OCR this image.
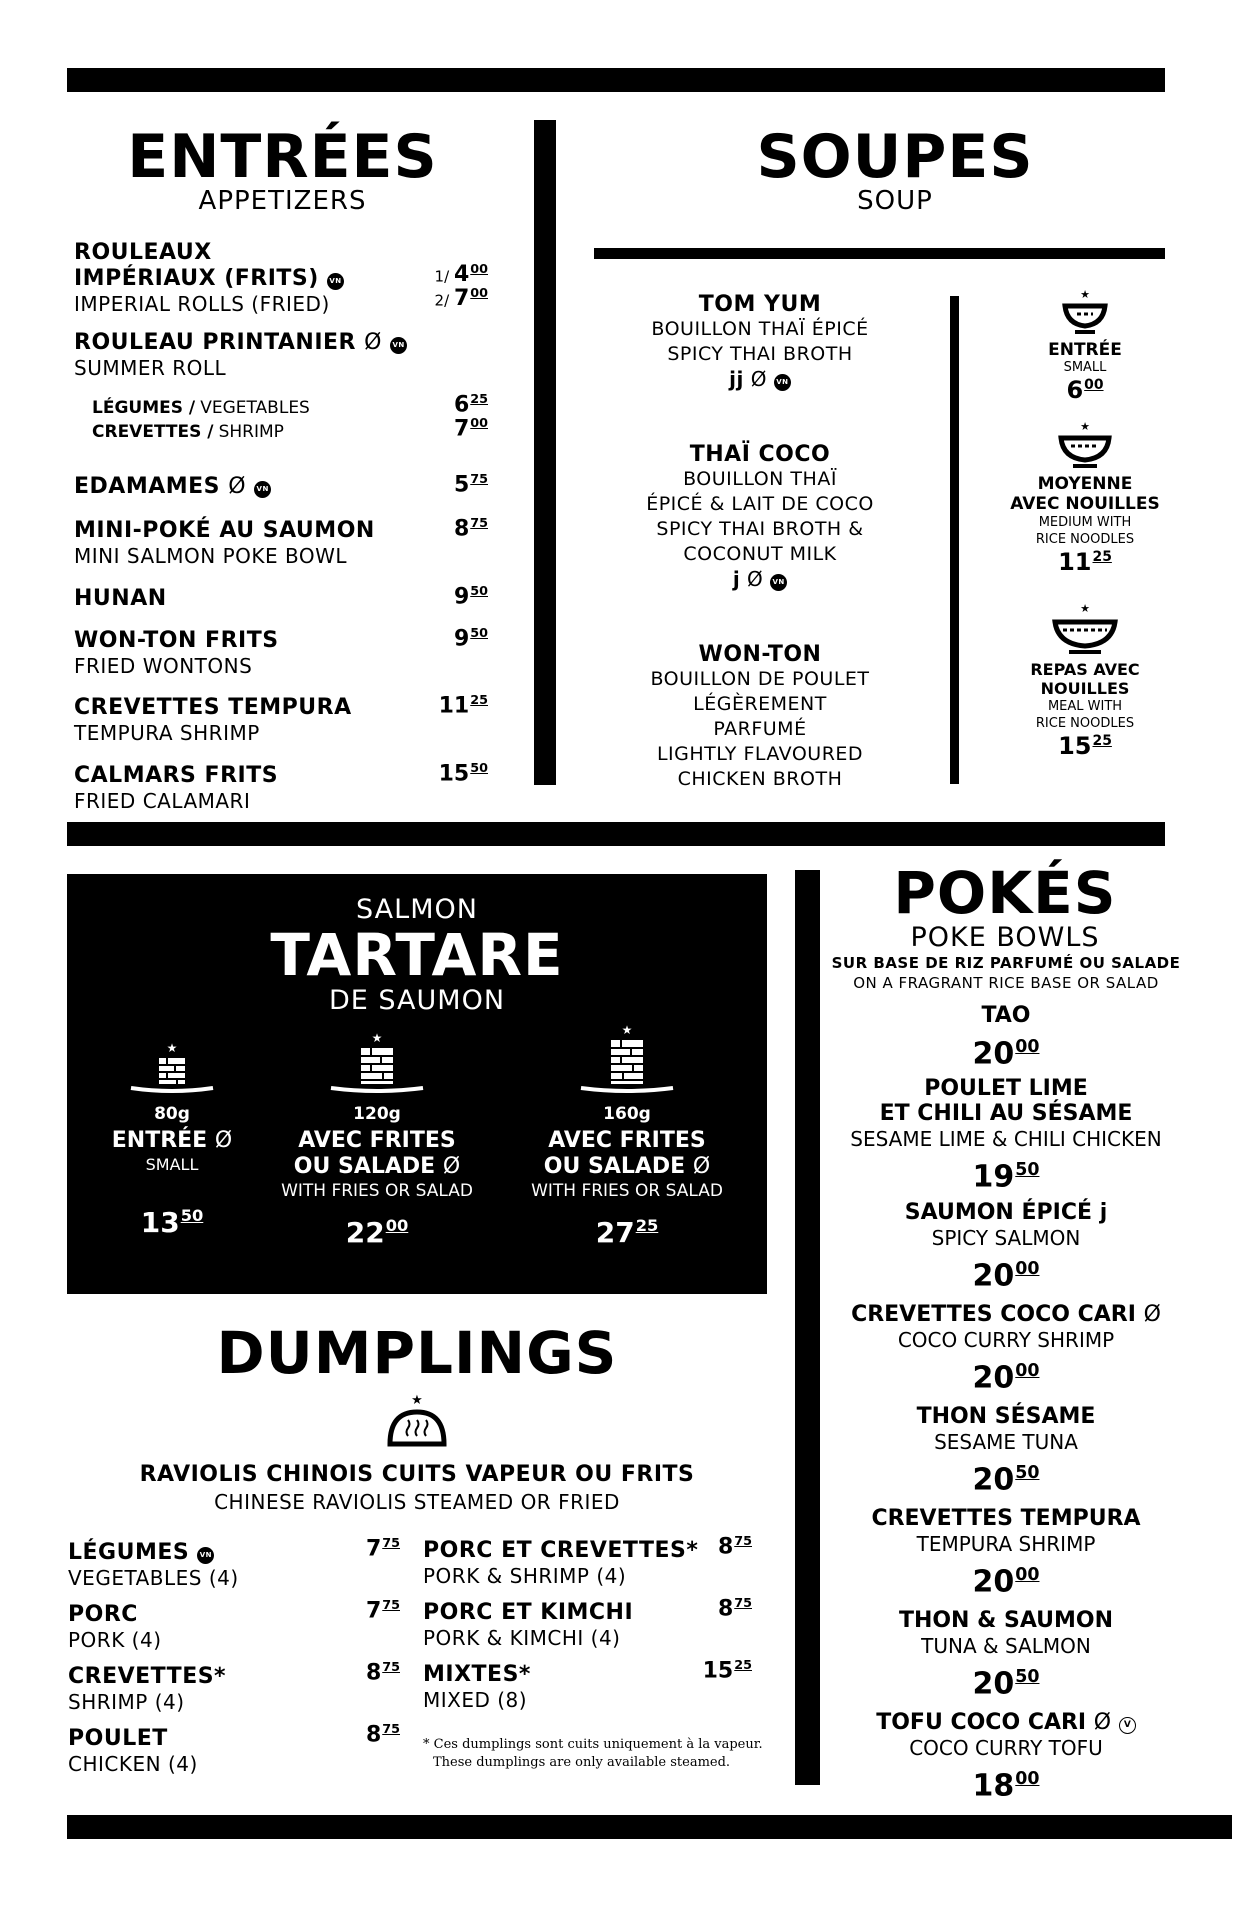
ENTRÉES
APPETIZERS
ROULEAUX
IMPÉRIAUX (FRITS) VN
IMPERIAL ROLLS (FRIED)
1/ $4^{00}$
2/ $7^{00}$
ROULEAU PRINTANIER Ø VN
SUMMER ROLL
LÉGUMES / VEGETABLES	$6^{25}$
CREVETTES / SHRIMP	$7^{00}$
EDAMAMES Ø VN	$5^{75}$
MINI-POKÉ AU SAUMON
MINI SALMON POKE BOWL
$8^{75}$
HUNAN	$9^{50}$
WON-TON FRITS
FRIED WONTONS
$9^{50}$
CREVETTES TEMPURA
TEMPURA SHRIMP
$11^{25}$
CALMARS FRITS
FRIED CALAMARI
$15^{50}$
SOUPES
SOUP
TOM YUM
BOUILLON THAÏ ÉPICÉ
SPICY THAI BROTH
ϳϳ Ø VN
THAÏ COCO
BOUILLON THAÏ
ÉPICÉ & LAIT DE COCO
SPICY THAI BROTH &
COCONUT MILK
ϳ Ø VN
WON-TON
BOUILLON DE POULET
LÉGÈREMENT
PARFUMÉ
LIGHTLY FLAVOURED
CHICKEN BROTH
★
ENTRÉE
SMALL
$6^{00}$
★
MOYENNE
AVEC NOUILLES
MEDIUM WITH
RICE NOODLES
$11^{25}$
★
REPAS AVEC
NOUILLES
MEAL WITH
RICE NOODLES
$15^{25}$
SALMON
TARTARE
DE SAUMON
★
80g
ENTRÉE Ø
SMALL
$13^{50}$
★
120g
AVEC FRITES
OU SALADE Ø
WITH FRIES OR SALAD
$22^{00}$
★
160g
AVEC FRITES
OU SALADE Ø
WITH FRIES OR SALAD
$27^{25}$
DUMPLINGS
★
RAVIOLIS CHINOIS CUITS VAPEUR OU FRITS
CHINESE RAVIOLIS STEAMED OR FRIED
LÉGUMES VN
VEGETABLES (4)
$7^{75}$
PORC
PORK (4)
$7^{75}$
CREVETTES*
SHRIMP (4)
$8^{75}$
POULET
CHICKEN (4)
$8^{75}$
PORC ET CREVETTES*
PORK & SHRIMP (4)
$8^{75}$
PORC ET KIMCHI
PORK & KIMCHI (4)
$8^{75}$
MIXTES*
MIXED (8)
$15^{25}$
* Ces dumplings sont cuits uniquement à la vapeur.
These dumplings are only available steamed.
POKÉS
POKE BOWLS
SUR BASE DE RIZ PARFUMÉ OU SALADE
ON A FRAGRANT RICE BASE OR SALAD
TAO
$20^{00}$
POULET LIME
ET CHILI AU SÉSAME
SESAME LIME & CHILI CHICKEN
$19^{50}$
SAUMON ÉPICÉ ϳ
SPICY SALMON
$20^{00}$
CREVETTES COCO CARI Ø
COCO CURRY SHRIMP
$20^{00}$
THON SÉSAME
SESAME TUNA
$20^{50}$
CREVETTES TEMPURA
TEMPURA SHRIMP
$20^{00}$
THON & SAUMON
TUNA & SALMON
$20^{50}$
TOFU COCO CARI Ø V
COCO CURRY TOFU
$18^{00}$
